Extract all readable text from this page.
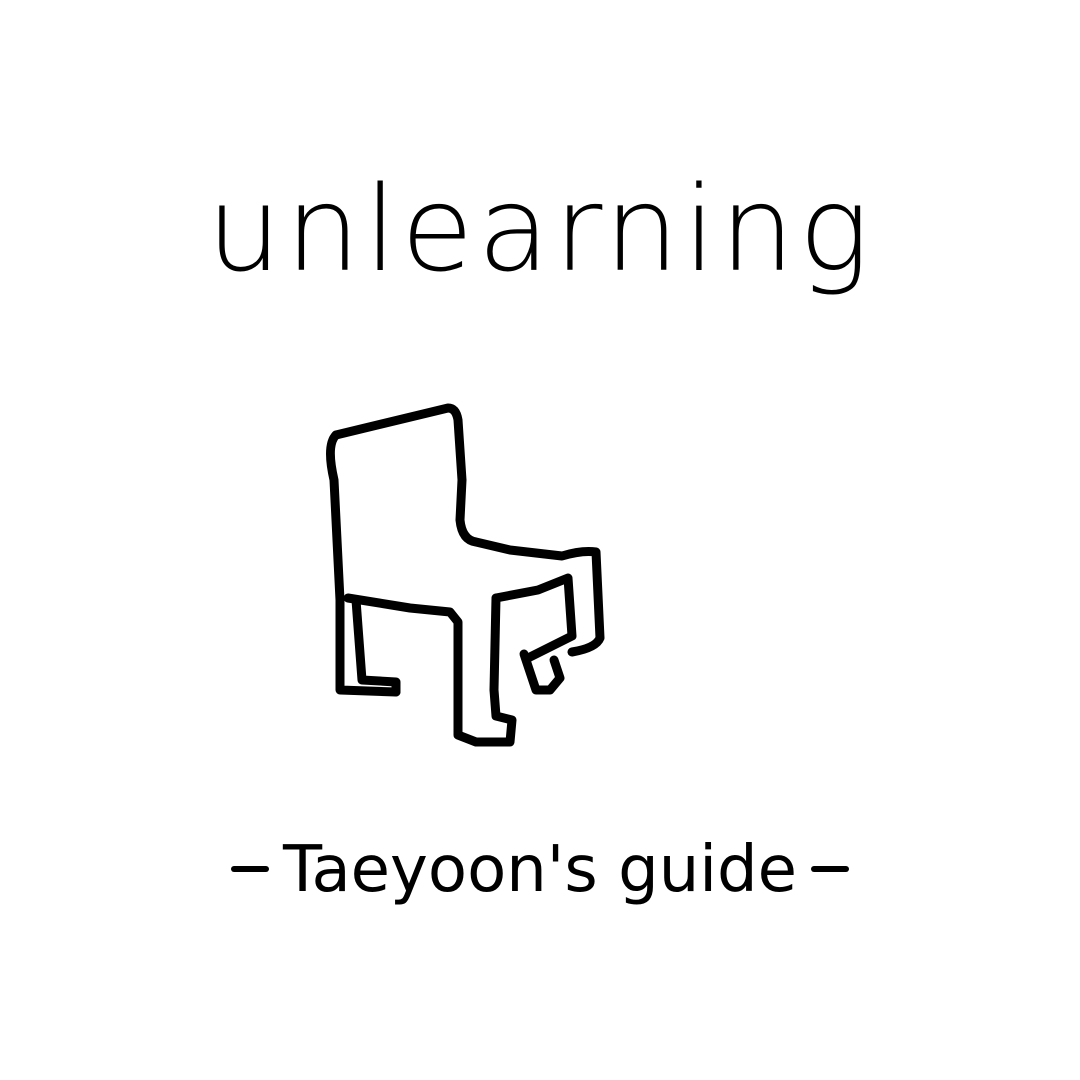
unlearning
Taeyoon's guide
